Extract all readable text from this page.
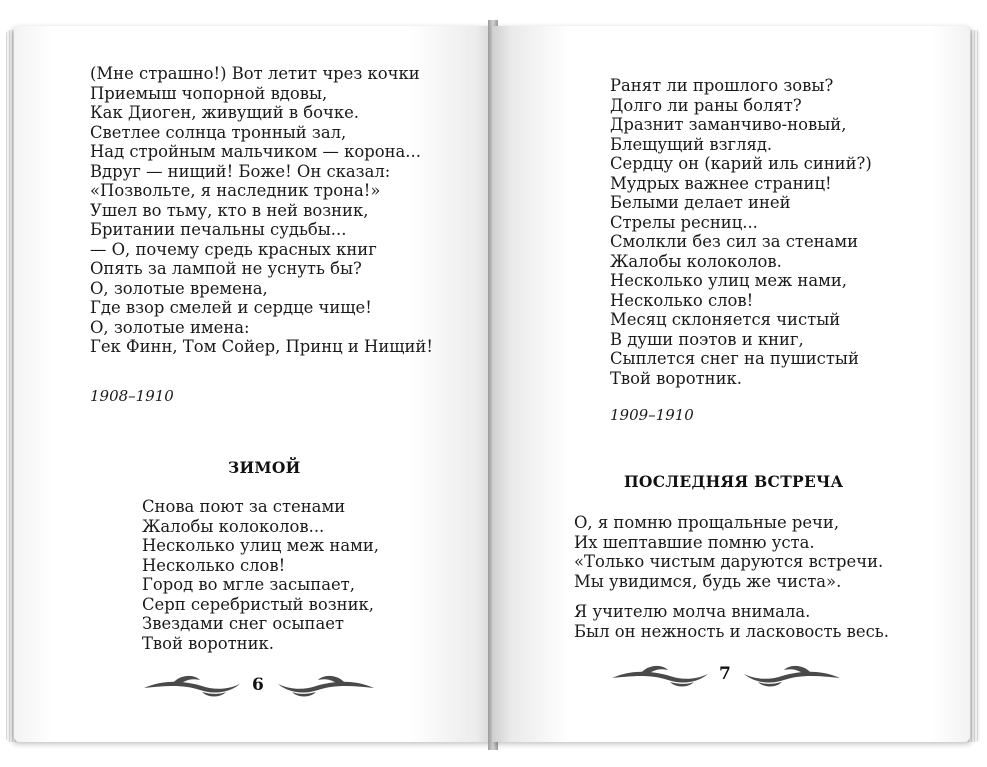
(Мне страшно!) Вот летит чрез кочки
Приемыш чопорной вдовы,
Как Диоген, живущий в бочке.
Светлее солнца тронный зал,
Над стройным мальчиком — корона...
Вдруг — нищий! Боже! Он сказал:
«Позвольте, я наследник трона!»
Ушел во тьму, кто в ней возник,
Британии печальны судьбы...
— О, почему средь красных книг
Опять за лампой не уснуть бы?
О, золотые времена,
Где взор смелей и сердце чище!
О, золотые имена:
Гек Финн, Том Сойер, Принц и Нищий!
1908–1910
ЗИМОЙ
Снова поют за стенами
Жалобы колоколов...
Несколько улиц меж нами,
Несколько слов!
Город во мгле засыпает,
Серп серебристый возник,
Звездами снег осыпает
Твой воротник.
6
Ранят ли прошлого зовы?
Долго ли раны болят?
Дразнит заманчиво-новый,
Блещущий взгляд.
Сердцу он (карий иль синий?)
Мудрых важнее страниц!
Белыми делает иней
Стрелы ресниц...
Смолкли без сил за стенами
Жалобы колоколов.
Несколько улиц меж нами,
Несколько слов!
Месяц склоняется чистый
В души поэтов и книг,
Сыплется снег на пушистый
Твой воротник.
1909–1910
ПОСЛЕДНЯЯ ВСТРЕЧА
О, я помню прощальные речи,
Их шептавшие помню уста.
«Только чистым даруются встречи.
Мы увидимся, будь же чиста».
Я учителю молча внимала.
Был он нежность и ласковость весь.
7
